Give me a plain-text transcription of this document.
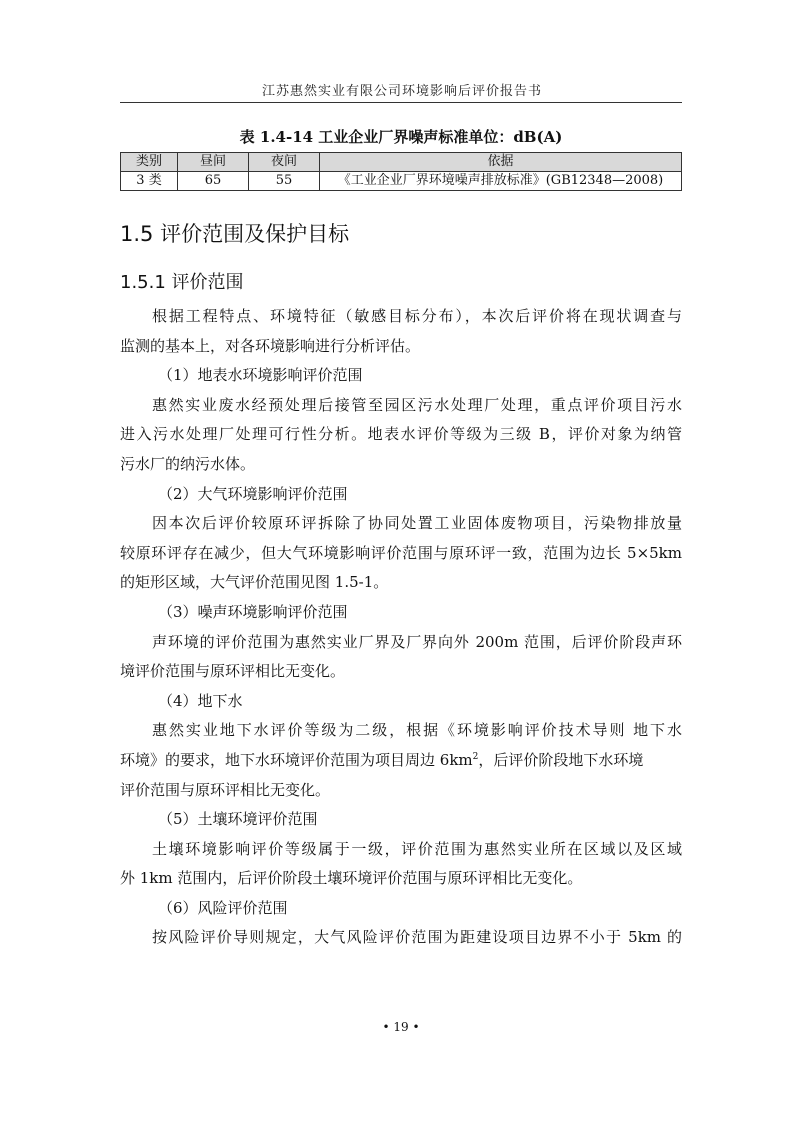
江苏惠然实业有限公司环境影响后评价报告书
表 1.4-14 工业企业厂界噪声标准单位：dB(A)
类别	昼间	夜间	依据
3 类	65	55	《工业企业厂界环境噪声排放标准》(GB12348—2008)
1.5 评价范围及保护目标
1.5.1 评价范围
根据工程特点、环境特征（敏感目标分布），本次后评价将在现状调查与
监测的基本上，对各环境影响进行分析评估。
（1）地表水环境影响评价范围
惠然实业废水经预处理后接管至园区污水处理厂处理，重点评价项目污水
进入污水处理厂处理可行性分析。地表水评价等级为三级 B，评价对象为纳管
污水厂的纳污水体。
（2）大气环境影响评价范围
因本次后评价较原环评拆除了协同处置工业固体废物项目，污染物排放量
较原环评存在减少，但大气环境影响评价范围与原环评一致，范围为边长 5×5km
的矩形区域，大气评价范围见图 1.5-1。
（3）噪声环境影响评价范围
声环境的评价范围为惠然实业厂界及厂界向外 200m 范围，后评价阶段声环
境评价范围与原环评相比无变化。
（4）地下水
惠然实业地下水评价等级为二级，根据《环境影响评价技术导则 地下水
环境》的要求，地下水环境评价范围为项目周边 $6km^2$，后评价阶段地下水环境
评价范围与原环评相比无变化。
（5）土壤环境评价范围
土壤环境影响评价等级属于一级，评价范围为惠然实业所在区域以及区域
外 1km 范围内，后评价阶段土壤环境评价范围与原环评相比无变化。
（6）风险评价范围
按风险评价导则规定，大气风险评价范围为距建设项目边界不小于 5km 的
• 19 •
